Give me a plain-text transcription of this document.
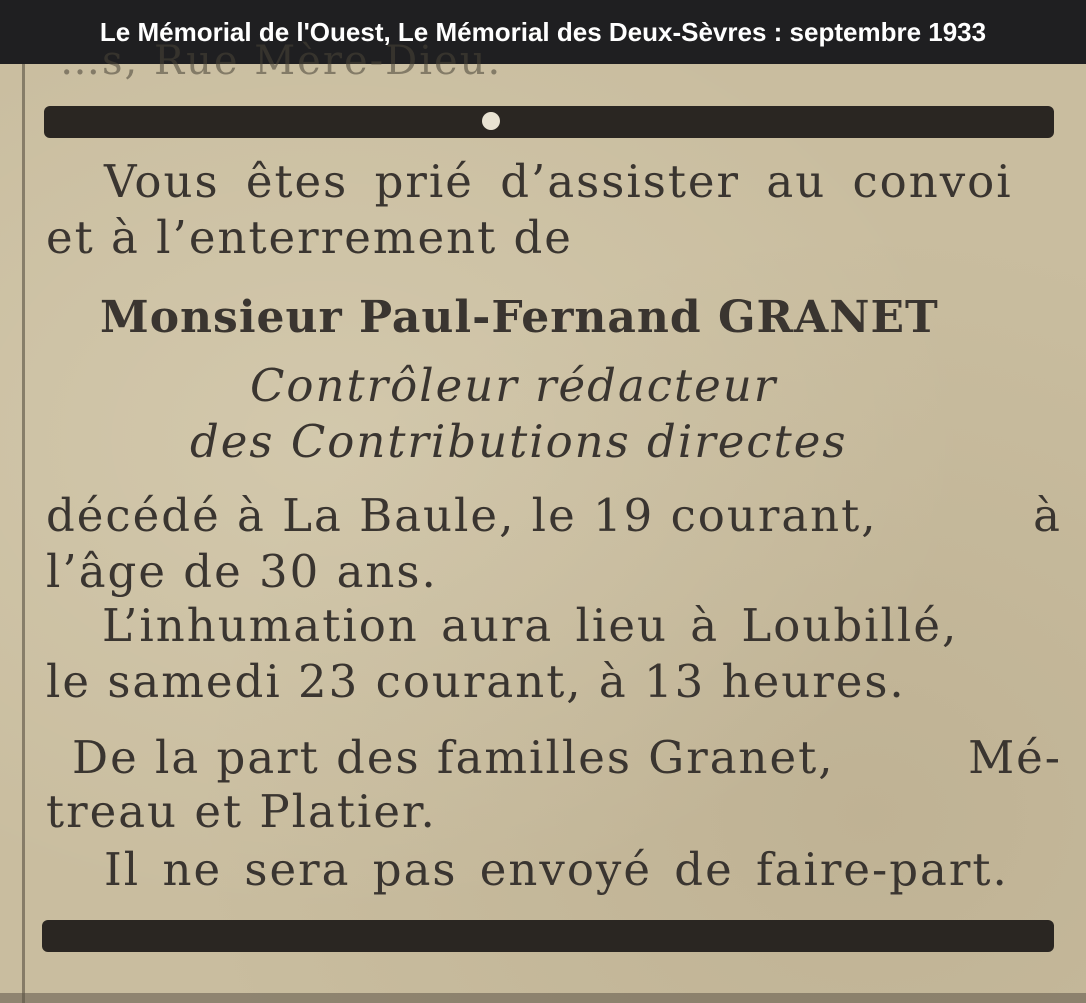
Le Mémorial de l'Ouest, Le Mémorial des Deux-Sèvres : septembre 1933
…s, Rue Mère-Dieu.
Vous êtes prié d’assister au convoi
et à l’enterrement de
Monsieur Paul-Fernand GRANET
Contrôleur rédacteur
des Contributions directes
décédé à La Baule, le 19 courant,	à
l’âge de 30 ans.
L’inhumation aura lieu à Loubillé,
le samedi 23 courant, à 13 heures.
De la part des familles Granet,	Mé-
treau et Platier.
Il ne sera pas envoyé de faire-part.
